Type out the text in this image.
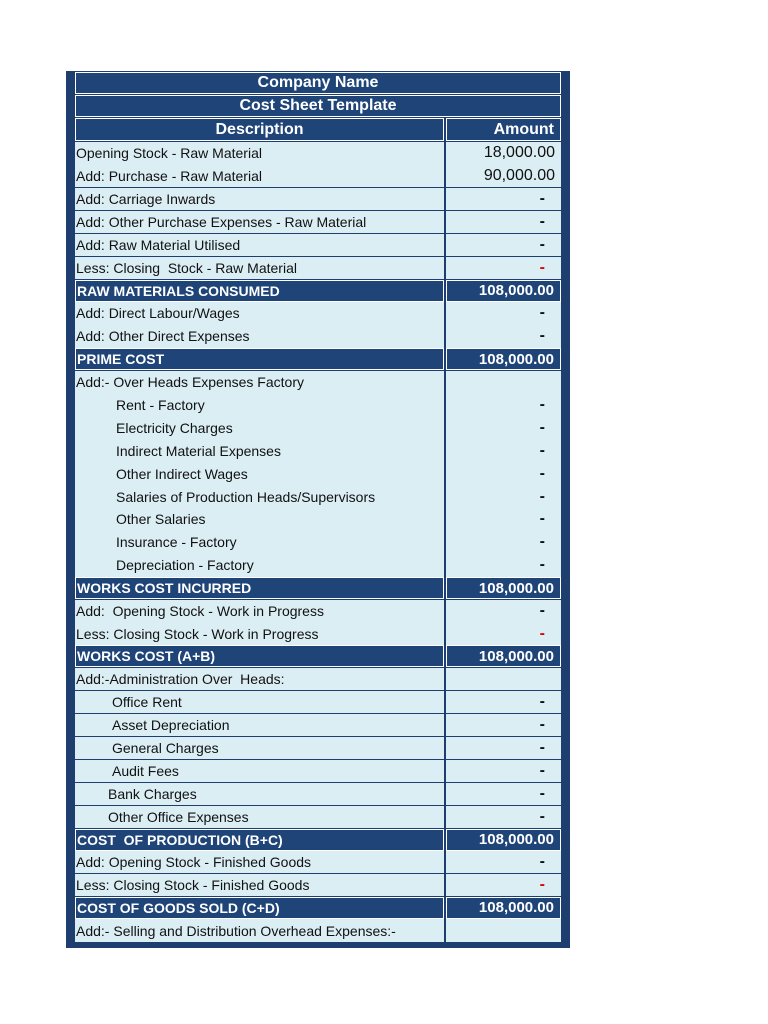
Company Name
Cost Sheet Template
Description	Amount
Opening Stock - Raw Material	18,000.00
Add: Purchase - Raw Material	90,000.00
Add: Carriage Inwards	-
Add: Other Purchase Expenses - Raw Material	-
Add: Raw Material Utilised	-
Less: Closing  Stock - Raw Material	-
RAW MATERIALS CONSUMED	108,000.00
Add: Direct Labour/Wages	-
Add: Other Direct Expenses	-
PRIME COST	108,000.00
Add:- Over Heads Expenses Factory
Rent - Factory	-
Electricity Charges	-
Indirect Material Expenses	-
Other Indirect Wages	-
Salaries of Production Heads/Supervisors	-
Other Salaries	-
Insurance - Factory	-
Depreciation - Factory	-
WORKS COST INCURRED	108,000.00
Add:  Opening Stock - Work in Progress	-
Less: Closing Stock - Work in Progress	-
WORKS COST (A+B)	108,000.00
Add:-Administration Over  Heads:
Office Rent	-
Asset Depreciation	-
General Charges	-
Audit Fees	-
Bank Charges	-
Other Office Expenses	-
COST  OF PRODUCTION (B+C)	108,000.00
Add: Opening Stock - Finished Goods	-
Less: Closing Stock - Finished Goods	-
COST OF GOODS SOLD (C+D)	108,000.00
Add:- Selling and Distribution Overhead Expenses:-
